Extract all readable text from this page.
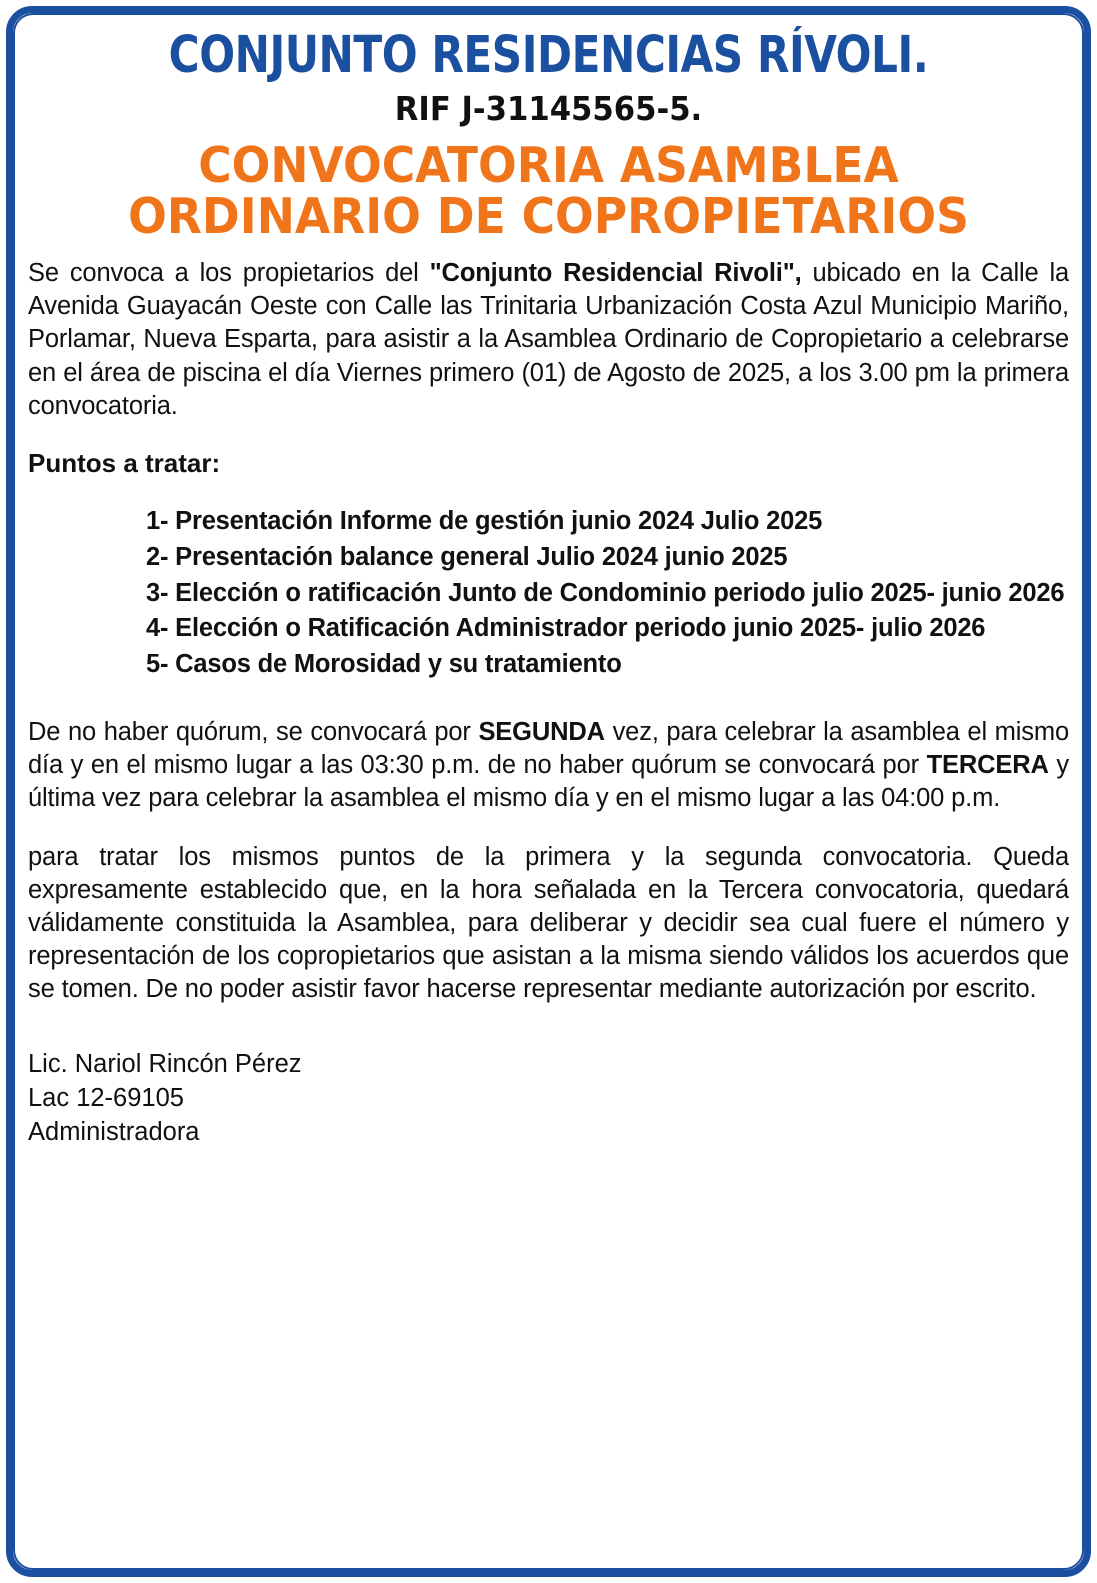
CONJUNTO RESIDENCIAS RÍVOLI.
RIF J-31145565-5.
CONVOCATORIA ASAMBLEA
ORDINARIO DE COPROPIETARIOS

Se convoca a los propietarios del "Conjunto Residencial Rivoli", ubicado en la Calle la Avenida Guayacán Oeste con Calle las Trinitaria Urbanización Costa Azul Municipio Mariño, Porlamar, Nueva Esparta, para asistir a la Asamblea Ordinario de Copropietario a celebrarse en el área de piscina el día Viernes primero (01) de Agosto de 2025, a los 3.00 pm la primera convocatoria.

Puntos a tratar:
1- Presentación Informe de gestión junio 2024 Julio 2025
2- Presentación balance general Julio 2024 junio 2025
3- Elección o ratificación Junto de Condominio periodo julio 2025- junio 2026
4- Elección o Ratificación Administrador periodo junio 2025- julio 2026
5- Casos de Morosidad y su tratamiento

De no haber quórum, se convocará por SEGUNDA vez, para celebrar la asamblea el mismo día y en el mismo lugar a las 03:30 p.m. de no haber quórum se convocará por TERCERA y última vez para celebrar la asamblea el mismo día y en el mismo lugar a las 04:00 p.m.

para tratar los mismos puntos de la primera y la segunda convocatoria. Queda expresamente establecido que, en la hora señalada en la Tercera convocatoria, quedará válidamente constituida la Asamblea, para deliberar y decidir sea cual fuere el número y representación de los copropietarios que asistan a la misma siendo válidos los acuerdos que se tomen. De no poder asistir favor hacerse representar mediante autorización por escrito.

Lic. Nariol Rincón Pérez
Lac 12-69105
Administradora
